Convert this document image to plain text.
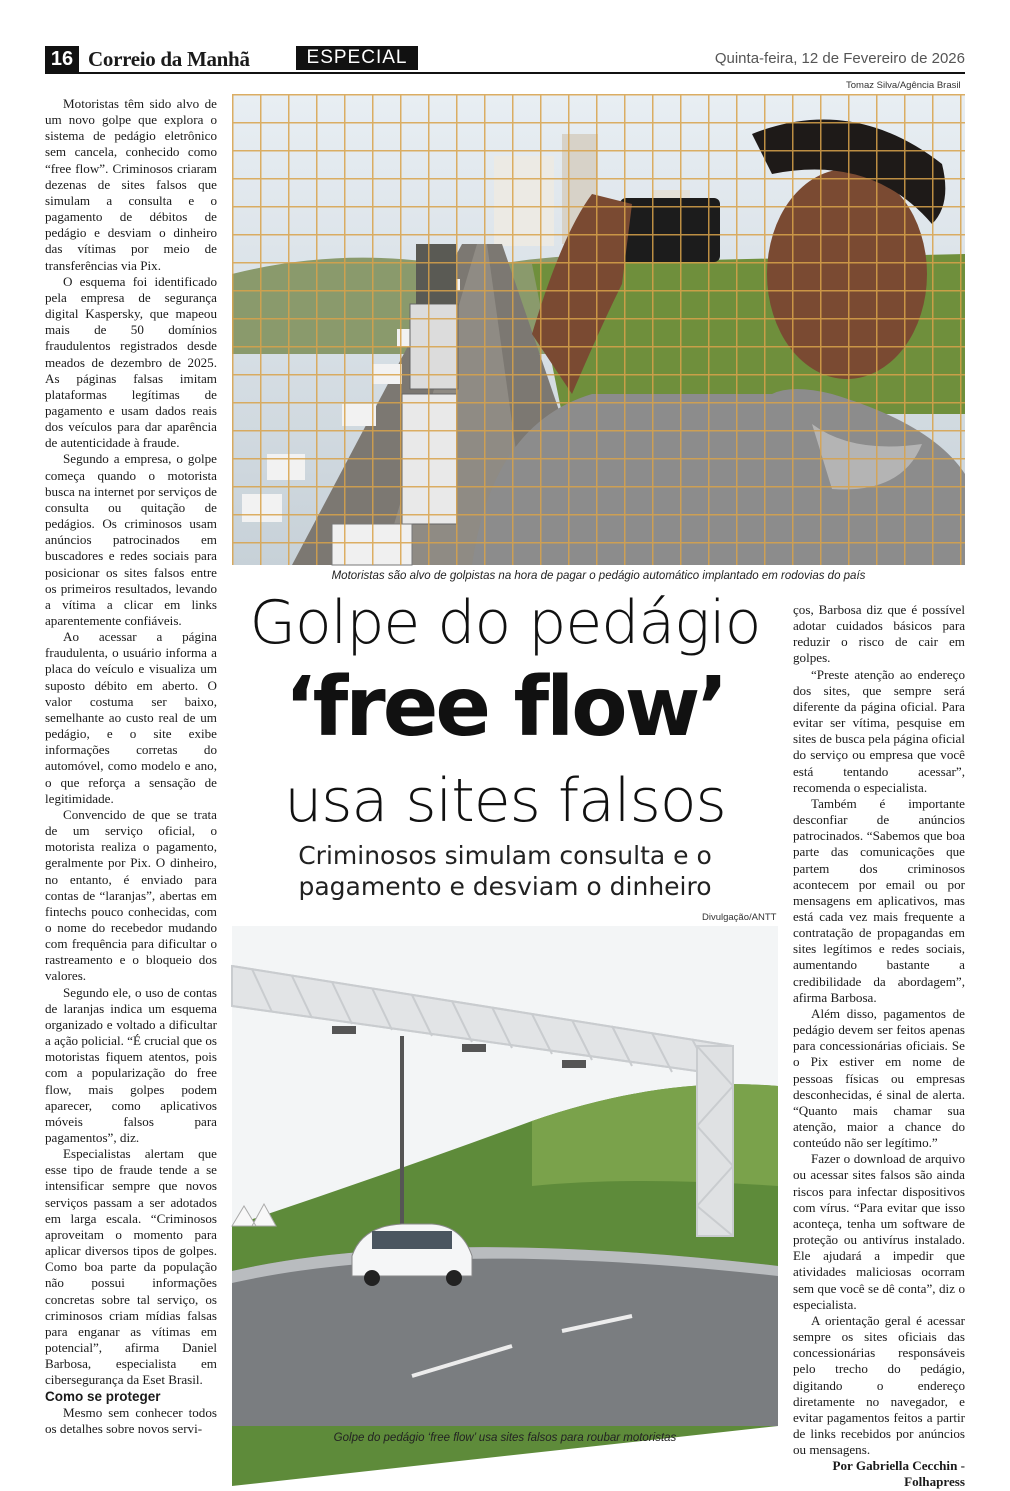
16 Correio da Manhã	ESPECIAL	Quinta-feira, 12 de Fevereiro de 2026

Motoristas têm sido alvo de um novo golpe que explora o sistema de pedágio eletrônico sem cancela, conhecido como “free flow”. Criminosos criaram dezenas de sites falsos que simulam a consulta e o pagamento de débitos de pedágio e desviam o dinheiro das vítimas por meio de transferências via Pix.

O esquema foi identificado pela empresa de segurança digital Kaspersky, que mapeou mais de 50 domínios fraudulentos registrados desde meados de dezembro de 2025. As páginas falsas imitam plataformas legítimas de pagamento e usam dados reais dos veículos para dar aparência de autenticidade à fraude.

Segundo a empresa, o golpe começa quando o motorista busca na internet por serviços de consulta ou quitação de pedágios. Os criminosos usam anúncios patrocinados em buscadores e redes sociais para posicionar os sites falsos entre os primeiros resultados, levando a vítima a clicar em links aparentemente confiáveis.

Ao acessar a página fraudulenta, o usuário informa a placa do veículo e visualiza um suposto débito em aberto. O valor costuma ser baixo, semelhante ao custo real de um pedágio, e o site exibe informações corretas do automóvel, como modelo e ano, o que reforça a sensação de legitimidade.

Convencido de que se trata de um serviço oficial, o motorista realiza o pagamento, geralmente por Pix. O dinheiro, no entanto, é enviado para contas de “laranjas”, abertas em fintechs pouco conhecidas, com o nome do recebedor mudando com frequência para dificultar o rastreamento e o bloqueio dos valores.

Segundo ele, o uso de contas de laranjas indica um esquema organizado e voltado a dificultar a ação policial. “É crucial que os motoristas fiquem atentos, pois com a popularização do free flow, mais golpes podem aparecer, como aplicativos móveis falsos para pagamentos”, diz.

Especialistas alertam que esse tipo de fraude tende a se intensificar sempre que novos serviços passam a ser adotados em larga escala. “Criminosos aproveitam o momento para aplicar diversos tipos de golpes. Como boa parte da população não possui informações concretas sobre tal serviço, os criminosos criam mídias falsas para enganar as vítimas em potencial”, afirma Daniel Barbosa, especialista em cibersegurança da Eset Brasil.

Como se proteger

Mesmo sem conhecer todos os detalhes sobre novos servi-

Tomaz Silva/Agência Brasil
Motoristas são alvo de golpistas na hora de pagar o pedágio automático implantado em rodovias do país
Golpe do pedágio
‘free flow’
usa sites falsos
Criminosos simulam consulta e o pagamento e desviam o dinheiro
Divulgação/ANTT
Golpe do pedágio ‘free flow’ usa sites falsos para roubar motoristas

ços, Barbosa diz que é possível adotar cuidados básicos para reduzir o risco de cair em golpes.

“Preste atenção ao endereço dos sites, que sempre será diferente da página oficial. Para evitar ser vítima, pesquise em sites de busca pela página oficial do serviço ou empresa que você está tentando acessar”, recomenda o especialista.

Também é importante desconfiar de anúncios patrocinados. “Sabemos que boa parte das comunicações que partem dos criminosos acontecem por email ou por mensagens em aplicativos, mas está cada vez mais frequente a contratação de propagandas em sites legítimos e redes sociais, aumentando bastante a credibilidade da abordagem”, afirma Barbosa.

Além disso, pagamentos de pedágio devem ser feitos apenas para concessionárias oficiais. Se o Pix estiver em nome de pessoas físicas ou empresas desconhecidas, é sinal de alerta. “Quanto mais chamar sua atenção, maior a chance do conteúdo não ser legítimo.”

Fazer o download de arquivo ou acessar sites falsos são ainda riscos para infectar dispositivos com vírus. “Para evitar que isso aconteça, tenha um software de proteção ou antivírus instalado. Ele ajudará a impedir que atividades maliciosas ocorram sem que você se dê conta”, diz o especialista.

A orientação geral é acessar sempre os sites oficiais das concessionárias responsáveis pelo trecho do pedágio, digitando o endereço diretamente no navegador, e evitar pagamentos feitos a partir de links recebidos por anúncios ou mensagens.

Por Gabriella Cecchin -

Folhapress
